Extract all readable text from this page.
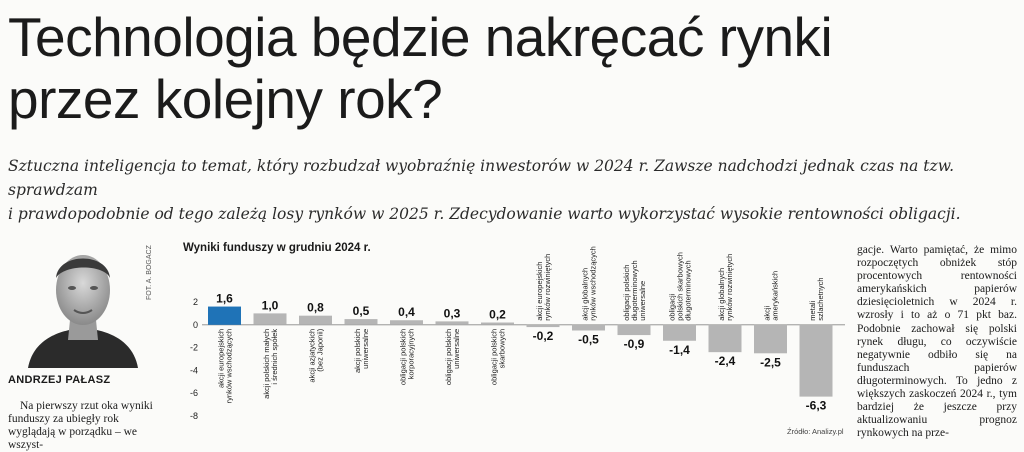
Technologia będzie nakręcać rynki
przez kolejny rok?
Sztuczna inteligencja to temat, który rozbudzał wyobraźnię inwestorów w 2024 r. Zawsze nadchodzi jednak czas na tzw. sprawdzam
i prawdopodobnie od tego zależą losy rynków w 2025 r. Zdecydowanie warto wykorzystać wysokie rentowności obligacji.
FOT. A. BOGACZ
ANDRZEJ PAŁASZ
Na pierwszy rzut oka wyniki funduszy za ubiegły rok wyglądają w porządku – we wszyst-
Wyniki funduszy w grudniu 2024 r.
2
0
-2
-4
-6
-8
1,6
akcji europejskich rynków wschodzących
1,0
akcji polskich małych i średnich spółek
0,8
akcji azjatyckich (bez Japonii)
0,5
akcji polskich uniwersalne
0,4
obligacji polskich korporacyjnych
0,3
obligacji polskich uniwersalne
0,2
obligacji polskich skarbowych -0,2
akcji europejskich rynków rozwiniętych
-0,5
akcji globalnych rynków wschodzących
-0,9
obligacji polskich długoterminowych uniwersalne
-1,4
obligacji polskich skarbowych długoterminowych
-2,4
akcji globalnych rynków rozwiniętych
-2,5
akcji amerykańskich
-6,3
metali szlachetnych
Źródło: Analizy.pl

gacje. Warto pamiętać, że mimo rozpoczętych obniżek stóp procentowych rentowności amerykańskich papierów dziesięcioletnich w 2024 r. wzrosły i to aż o 71 pkt baz. Podobnie zachował się polski rynek długu, co oczywiście negatywnie odbiło się na funduszach papierów długoterminowych. To jedno z większych zaskoczeń 2024 r., tym bardziej że jeszcze przy aktualizowaniu prognoz rynkowych na prze-
